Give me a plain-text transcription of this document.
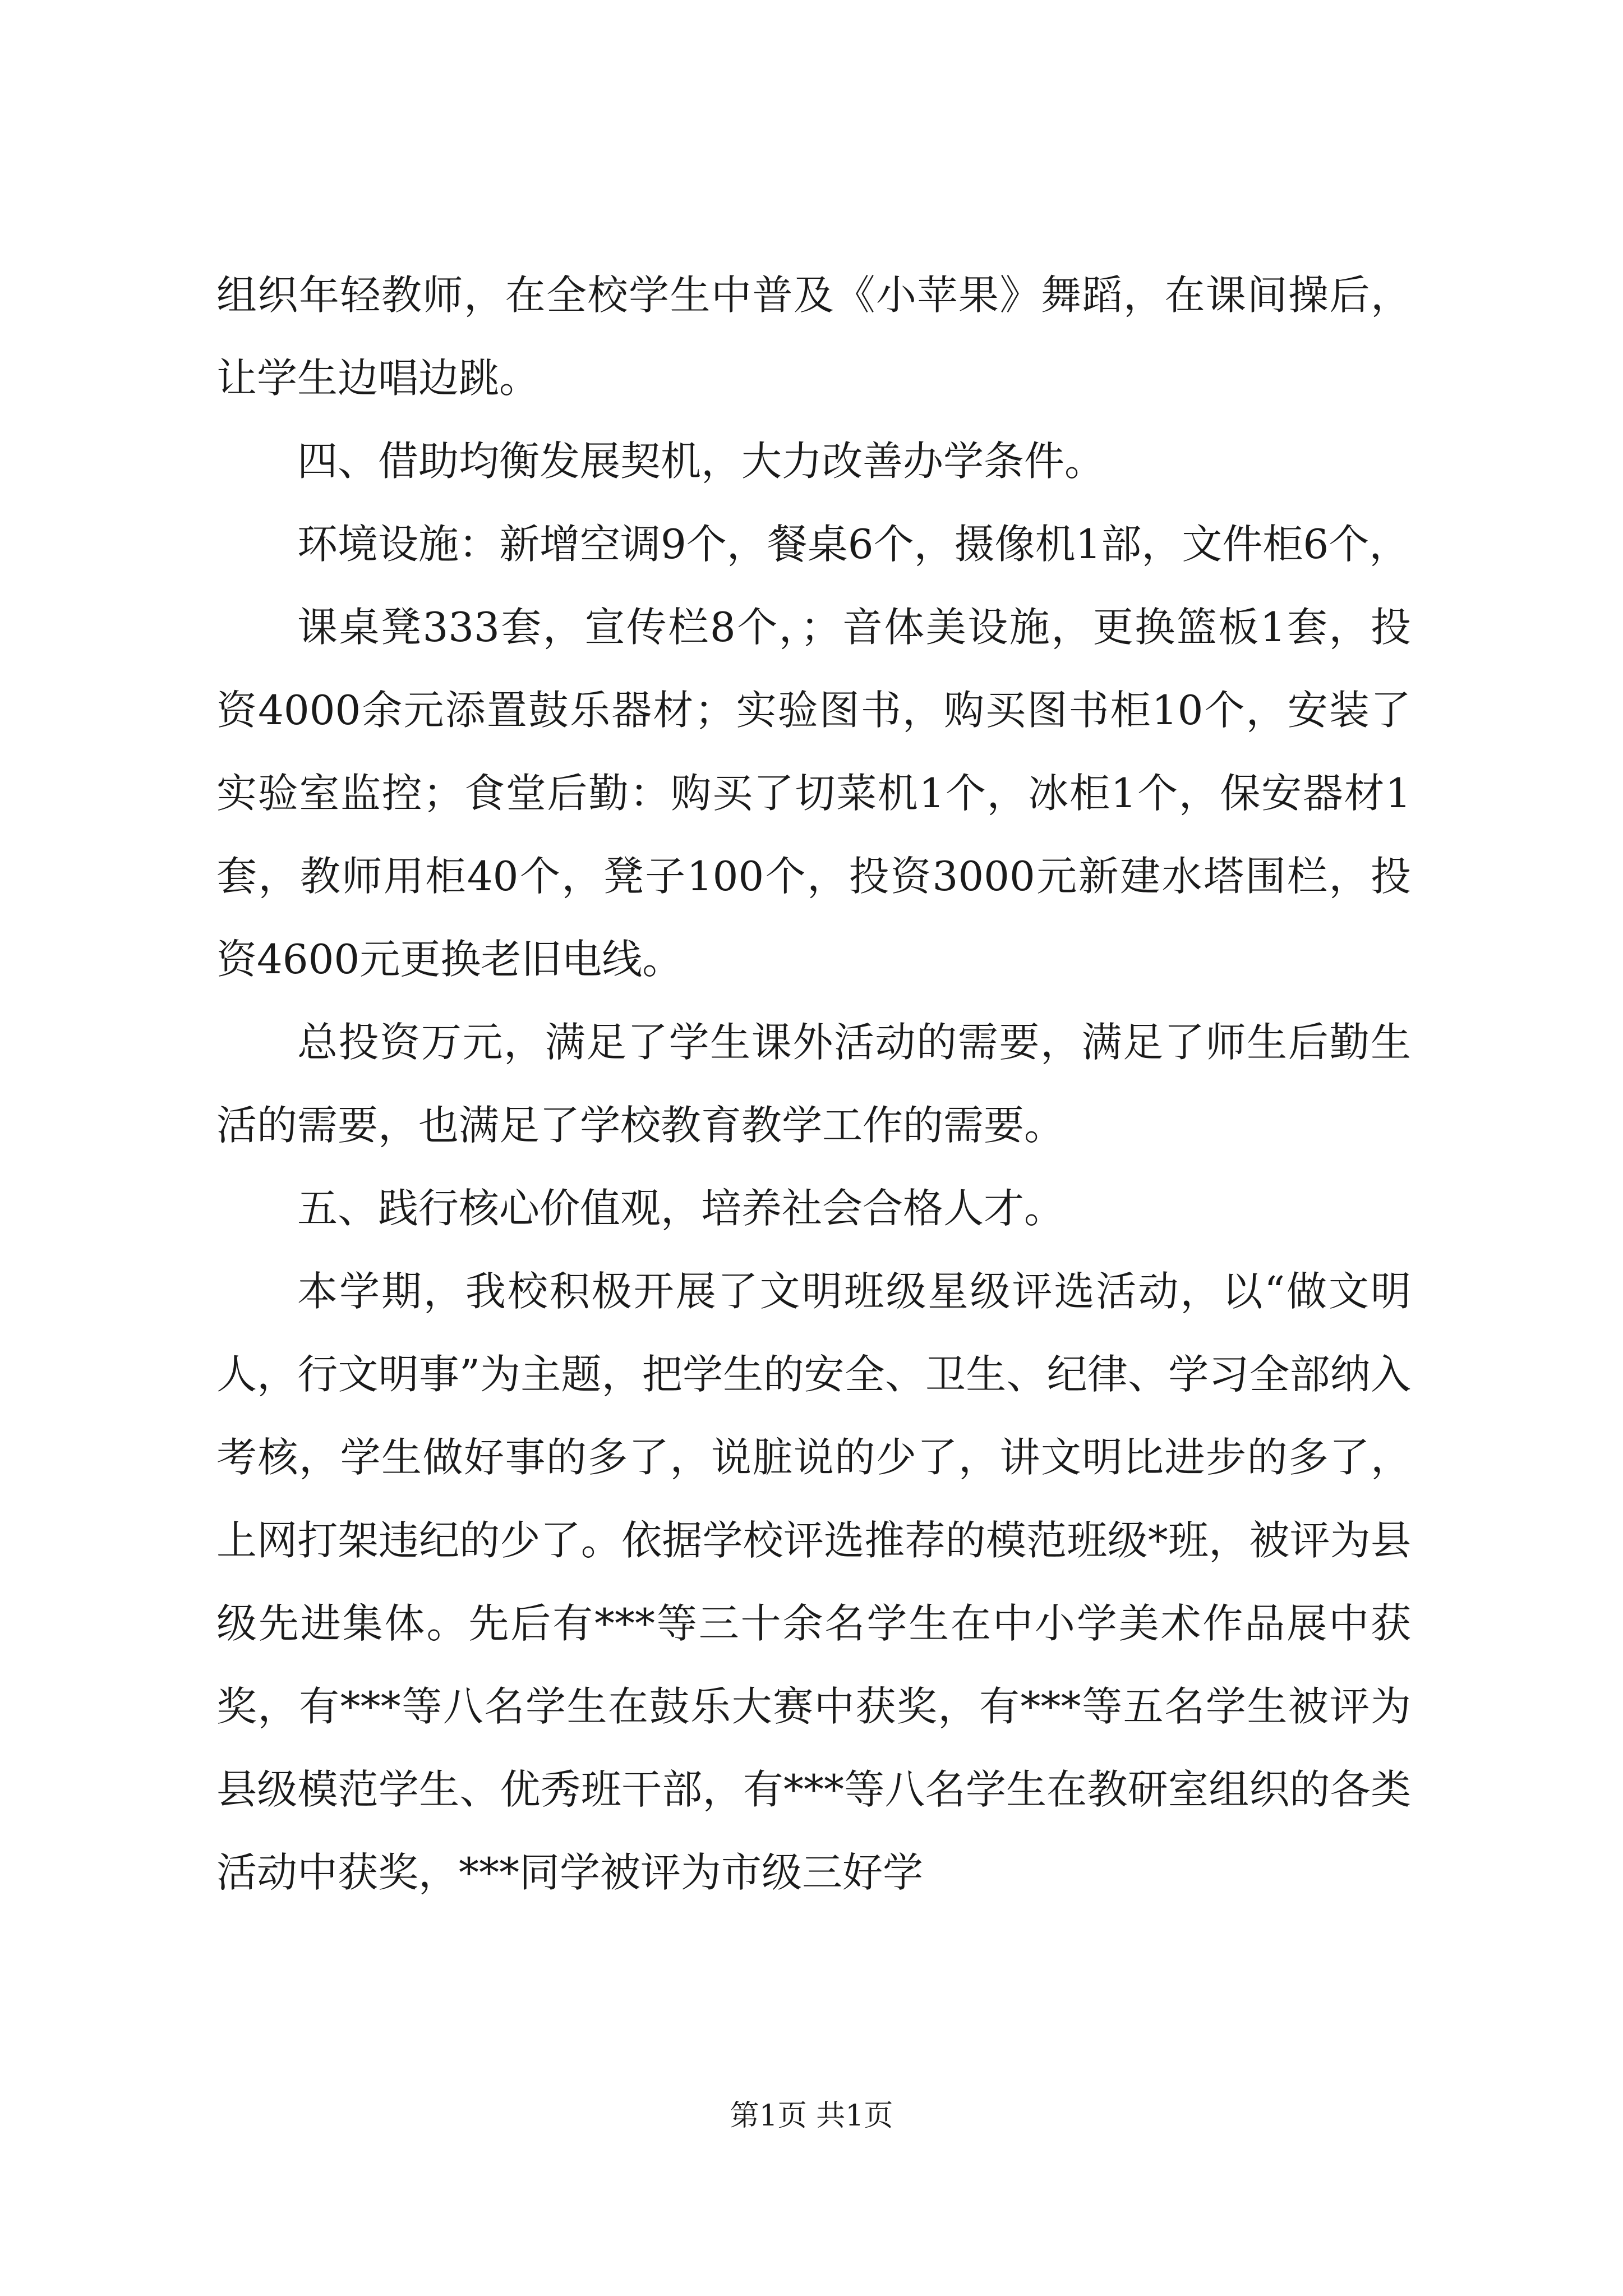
组织年轻教师，在全校学生中普及《小苹果》舞蹈，在课间操后，让学生边唱边跳。

四、借助均衡发展契机，大力改善办学条件。

环境设施：新增空调9个，餐桌6个，摄像机1部，文件柜6个，

课桌凳333套，宣传栏8个，；音体美设施，更换篮板1套，投资4000余元添置鼓乐器材；实验图书，购买图书柜10个，安装了实验室监控；食堂后勤：购买了切菜机1个，冰柜1个，保安器材1套，教师用柜40个，凳子100个，投资3000元新建水塔围栏，投资4600元更换老旧电线。

总投资万元，满足了学生课外活动的需要，满足了师生后勤生活的需要，也满足了学校教育教学工作的需要。

五、践行核心价值观，培养社会合格人才。

本学期，我校积极开展了文明班级星级评选活动，以“做文明人，行文明事”为主题，把学生的安全、卫生、纪律、学习全部纳入考核，学生做好事的多了，说脏说的少了，讲文明比进步的多了，上网打架违纪的少了。依据学校评选推荐的模范班级*班，被评为县级先进集体。先后有***等三十余名学生在中小学美术作品展中获奖，有***等八名学生在鼓乐大赛中获奖，有***等五名学生被评为县级模范学生、优秀班干部，有***等八名学生在教研室组织的各类活动中获奖，***同学被评为市级三好学

第1页 共1页
